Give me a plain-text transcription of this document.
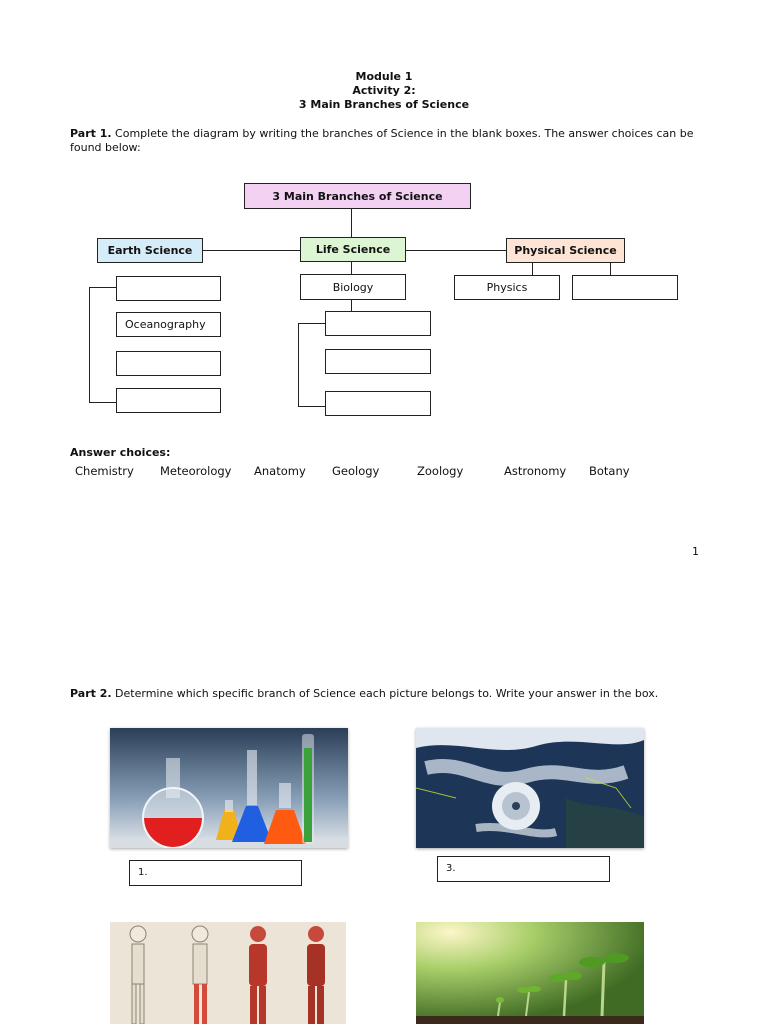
Module 1
Activity 2:
3 Main Branches of Science
Part 1. Complete the diagram by writing the branches of Science in the blank boxes. The answer choices can be found below:
3 Main Branches of Science
Earth Science	Life Science	Physical Science
Oceanography
Biology	Physics
Answer choices:
Chemistry Meteorology Anatomy Geology	Zoology	Astronomy Botany
1
Part 2. Determine which specific branch of Science each picture belongs to. Write your answer in the box.
1.	3.
